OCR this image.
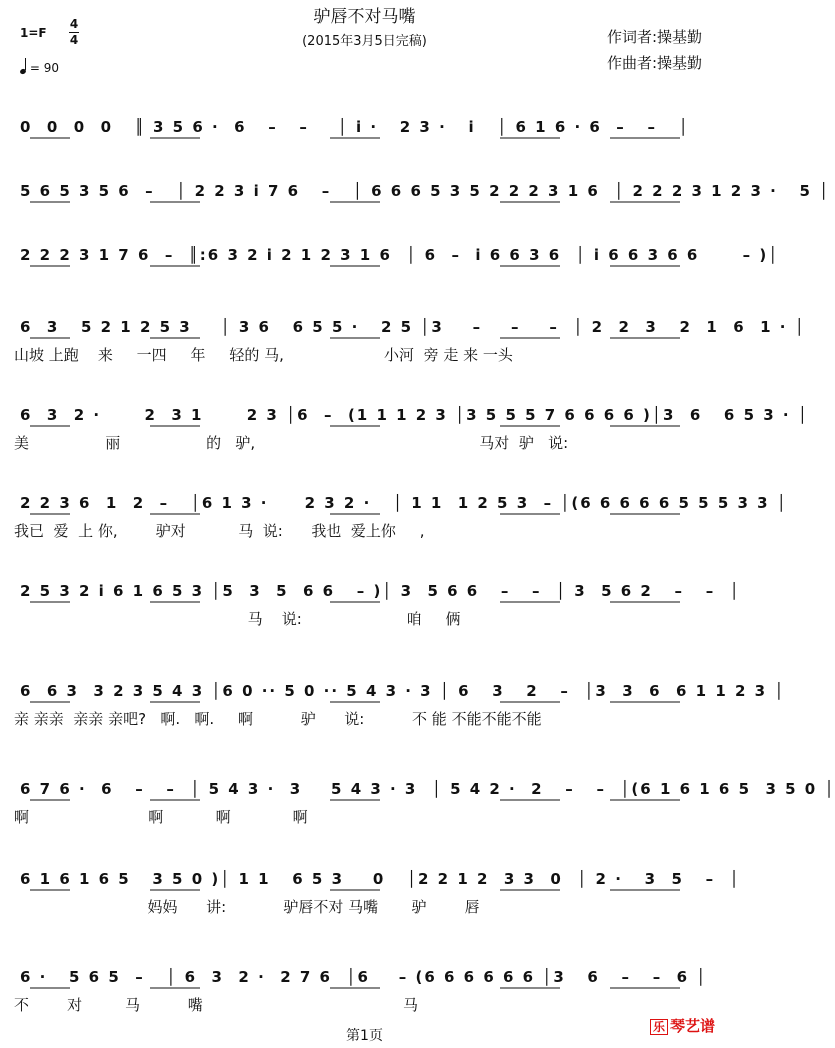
驴唇不对马嘴
(2015年3月5日完稿)
1=F
4
4
= 90
作词者:操基勤
作曲者:操基勤
0  0  0  0   ║ 3 5 6 ·  6   –   –    │ i ·   2 3 ·   i   │ 6 1 6 · 6  –   –   │
5 6 5 3 5 6  –   │ 2 2 3 i 7 6   –   │ 6 6 6 5 3 5 2 2 2 3 1 6  │ 2 2 2 3 1 2 3 ·   5 │
2 2 2 3 1 7 6  –  ║:6 3 2 i 2 1 2 3 1 6  │ 6  –  i 6 6 3 6  │ i 6 6 3 6 6      – )│
6  3   5 2 1 2 5 3    │ 3 6   6 5 5 ·   2 5 │3    –    –    –  │ 2  2  3   2  1  6  1 · │
山坡 上跑    来     一四     年     轻的 马,                     小河  旁 走 来 一头
6  3  2 ·      2  3 1      2 3 │6  –  (1 1 1 2 3 │3 5 5 5 7 6 6 6 6 )│3  6   6 5 3 · │
美                丽                  的   驴,                                               马对  驴   说:
2 2 3 6  1  2  –   │6 1 3 ·     2 3 2 ·   │ 1 1  1 2 5 3  – │(6 6 6 6 6 5 5 5 3 3 │
我已  爱  上 你,        驴对           马  说:      我也  爱上你     ,
2 5 3 2 i 6 1 6 5 3 │5  3  5  6 6   – )│ 3  5 6 6   –   –  │ 3  5 6 2   –   –  │
马    说:                      咱     俩
6  6 3  3 2 3 5 4 3 │6 0 ·· 5 0 ·· 5 4 3 · 3 │ 6   3   2   –  │3  3  6  6 1 1 2 3 │
亲 亲亲  亲亲 亲吧?   啊.   啊.     啊          驴      说:          不 能 不能不能不能
6 7 6 ·  6   –   –  │ 5 4 3 ·  3    5 4 3 · 3  │ 5 4 2 ·  2   –   –  │(6 1 6 1 6 5  3 5 0 │
啊                         啊           啊             啊
6 1 6 1 6 5   3 5 0 )│ 1 1   6 5 3    0   │2 2 1 2  3 3  0  │ 2 ·   3  5   –  │
妈妈      讲:            驴唇不对 马嘴       驴        唇
6 ·   5 6 5  –   │ 6  3  2 ·  2 7 6  │6    – (6 6 6 6 6 6 │3   6   –   –  6 │
不        对         马          嘴                                          马
第1页
乐 琴艺谱
